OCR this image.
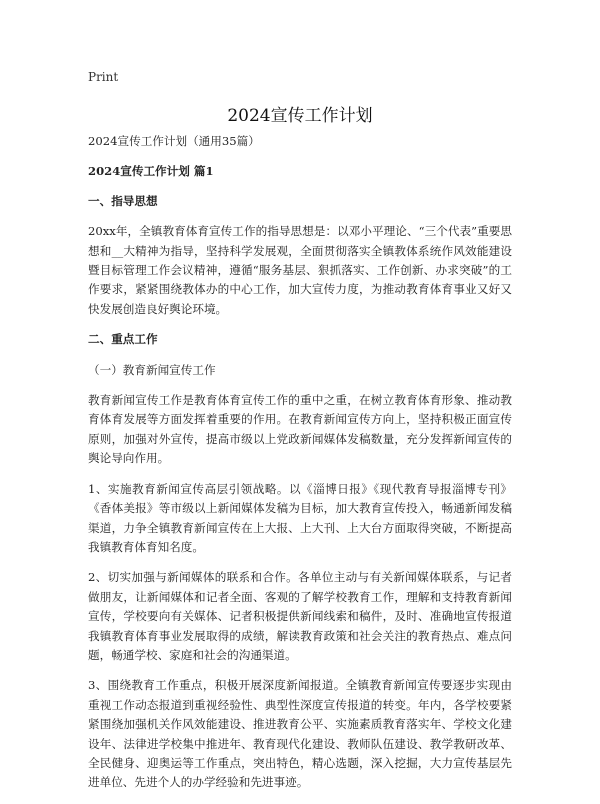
Print
2024宣传工作计划

2024宣传工作计划（通用35篇）

2024宣传工作计划 篇1

一、指导思想

20xx年，全镇教育体育宣传工作的指导思想是：以邓小平理论、“三个代表”重要思想和__大精神为指导，坚持科学发展观，全面贯彻落实全镇教体系统作风效能建设暨目标管理工作会议精神，遵循“服务基层、狠抓落实、工作创新、办求突破”的工作要求，紧紧围绕教体办的中心工作，加大宣传力度，为推动教育体育事业又好又快发展创造良好舆论环境。

二、重点工作

（一）教育新闻宣传工作

教育新闻宣传工作是教育体育宣传工作的重中之重，在树立教育体育形象、推动教育体育发展等方面发挥着重要的作用。在教育新闻宣传方向上，坚持积极正面宣传原则，加强对外宣传，提高市级以上党政新闻媒体发稿数量，充分发挥新闻宣传的舆论导向作用。

1、实施教育新闻宣传高层引领战略。以《淄博日报》《现代教育导报淄博专刊》《香体美报》等市级以上新闻媒体发稿为目标，加大教育宣传投入，畅通新闻发稿渠道，力争全镇教育新闻宣传在上大报、上大刊、上大台方面取得突破，不断提高我镇教育体育知名度。

2、切实加强与新闻媒体的联系和合作。各单位主动与有关新闻媒体联系，与记者做朋友，让新闻媒体和记者全面、客观的了解学校教育工作，理解和支持教育新闻宣传，学校要向有关媒体、记者积极提供新闻线索和稿件，及时、准确地宣传报道我镇教育体育事业发展取得的成绩，解读教育政策和社会关注的教育热点、难点问题，畅通学校、家庭和社会的沟通渠道。

3、围绕教育工作重点，积极开展深度新闻报道。全镇教育新闻宣传要逐步实现由重视工作动态报道到重视经验性、典型性深度宣传报道的转变。年内，各学校要紧紧围绕加强机关作风效能建设、推进教育公平、实施素质教育落实年、学校文化建设年、法律进学校集中推进年、教育现代化建设、教师队伍建设、教学教研改革、全民健身、迎奥运等工作重点，突出特色，精心选题，深入挖掘，大力宣传基层先进单位、先进个人的办学经验和先进事迹。
